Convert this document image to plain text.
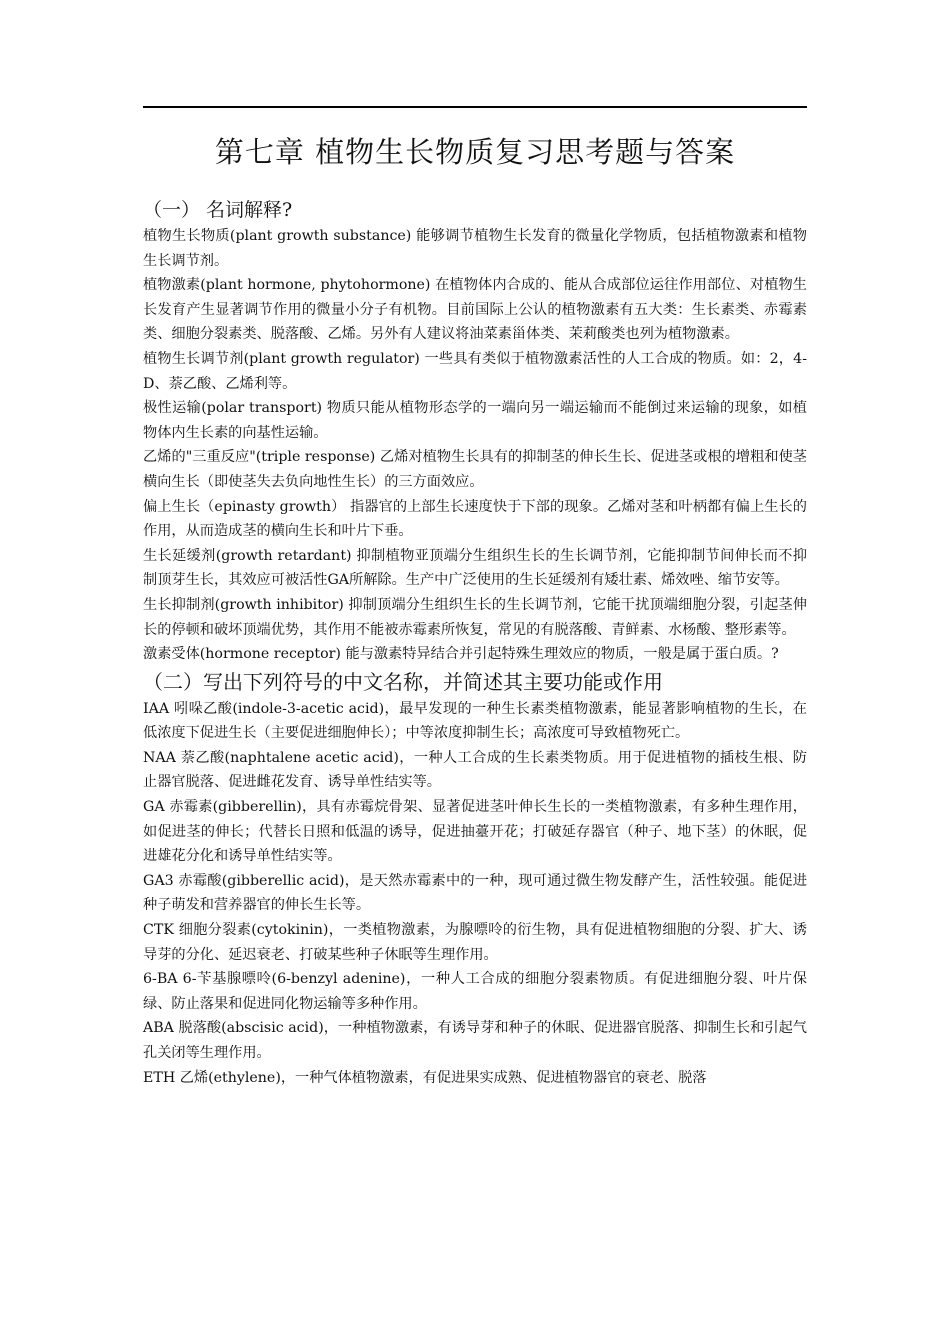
第七章 植物生长物质复习思考题与答案
（一） 名词解释?

植物生长物质(plant growth substance) 能够调节植物生长发育的微量化学物质，包括植物激素和植物生长调节剂。

植物激素(plant hormone, phytohormone) 在植物体内合成的、能从合成部位运往作用部位、对植物生长发育产生显著调节作用的微量小分子有机物。目前国际上公认的植物激素有五大类：生长素类、赤霉素类、细胞分裂素类、脱落酸、乙烯。另外有人建议将油菜素甾体类、茉莉酸类也列为植物激素。

植物生长调节剂(plant growth regulator) 一些具有类似于植物激素活性的人工合成的物质。如：2，4-D、萘乙酸、乙烯利等。

极性运输(polar transport) 物质只能从植物形态学的一端向另一端运输而不能倒过来运输的现象，如植物体内生长素的向基性运输。

乙烯的"三重反应"(triple response) 乙烯对植物生长具有的抑制茎的伸长生长、促进茎或根的增粗和使茎横向生长（即使茎失去负向地性生长）的三方面效应。

偏上生长（epinasty growth） 指器官的上部生长速度快于下部的现象。乙烯对茎和叶柄都有偏上生长的作用，从而造成茎的横向生长和叶片下垂。

生长延缓剂(growth retardant) 抑制植物亚顶端分生组织生长的生长调节剂，它能抑制节间伸长而不抑制顶芽生长，其效应可被活性GA所解除。生产中广泛使用的生长延缓剂有矮壮素、烯效唑、缩节安等。

生长抑制剂(growth inhibitor) 抑制顶端分生组织生长的生长调节剂，它能干扰顶端细胞分裂，引起茎伸长的停顿和破坏顶端优势，其作用不能被赤霉素所恢复，常见的有脱落酸、青鲜素、水杨酸、整形素等。

激素受体(hormone receptor) 能与激素特异结合并引起特殊生理效应的物质，一般是属于蛋白质。?

（二）写出下列符号的中文名称，并简述其主要功能或作用

IAA 吲哚乙酸(indole-3-acetic acid)，最早发现的一种生长素类植物激素，能显著影响植物的生长，在低浓度下促进生长（主要促进细胞伸长）；中等浓度抑制生长；高浓度可导致植物死亡。

NAA 萘乙酸(naphtalene acetic acid)，一种人工合成的生长素类物质。用于促进植物的插枝生根、防止器官脱落、促进雌花发育、诱导单性结实等。

GA 赤霉素(gibberellin)，具有赤霉烷骨架、显著促进茎叶伸长生长的一类植物激素，有多种生理作用，如促进茎的伸长；代替长日照和低温的诱导，促进抽薹开花；打破延存器官（种子、地下茎）的休眠，促进雄花分化和诱导单性结实等。

GA3 赤霉酸(gibberellic acid)，是天然赤霉素中的一种，现可通过微生物发酵产生，活性较强。能促进种子萌发和营养器官的伸长生长等。

CTK 细胞分裂素(cytokinin)，一类植物激素，为腺嘌呤的衍生物，具有促进植物细胞的分裂、扩大、诱导芽的分化、延迟衰老、打破某些种子休眠等生理作用。

6-BA 6-苄基腺嘌呤(6-benzyl adenine)，一种人工合成的细胞分裂素物质。有促进细胞分裂、叶片保绿、防止落果和促进同化物运输等多种作用。

ABA 脱落酸(abscisic acid)，一种植物激素，有诱导芽和种子的休眠、促进器官脱落、抑制生长和引起气孔关闭等生理作用。

ETH 乙烯(ethylene)，一种气体植物激素，有促进果实成熟、促进植物器官的衰老、脱落
